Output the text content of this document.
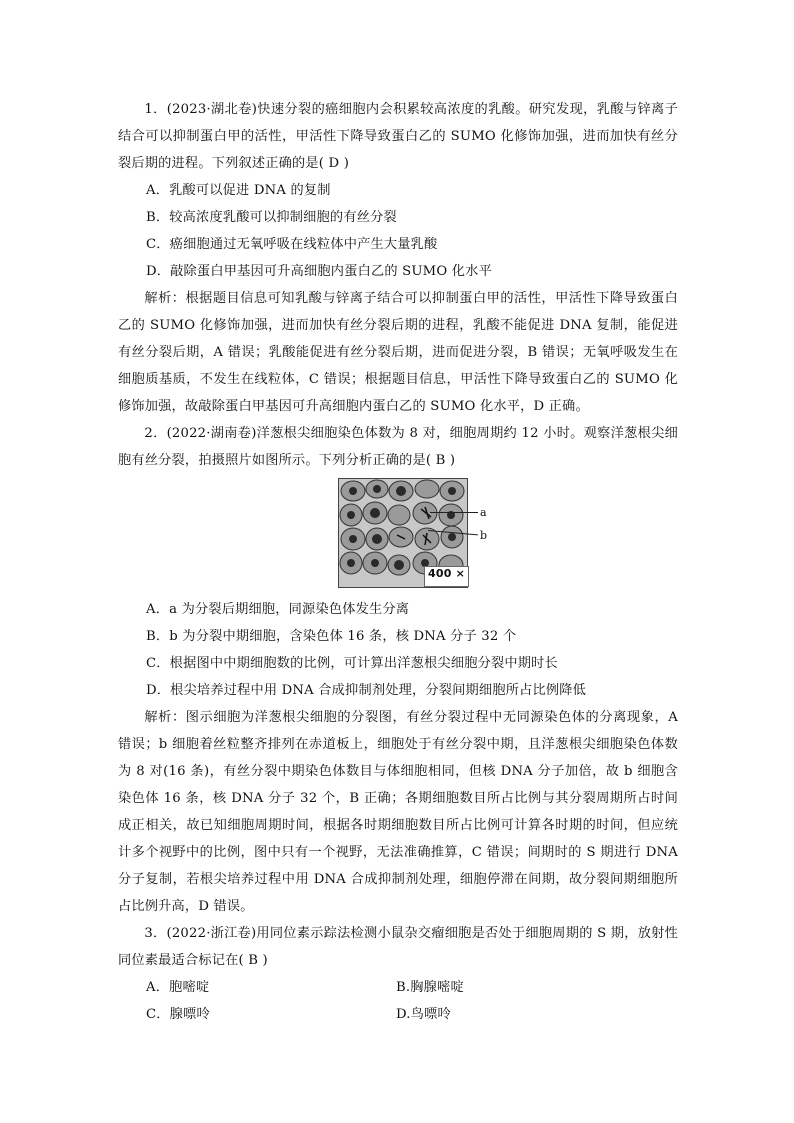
1．(2023·湖北卷)快速分裂的癌细胞内会积累较高浓度的乳酸。研究发现，乳酸与锌离子结合可以抑制蛋白甲的活性，甲活性下降导致蛋白乙的 SUMO 化修饰加强，进而加快有丝分裂后期的进程。下列叙述正确的是( D )

A．乳酸可以促进 DNA 的复制

B．较高浓度乳酸可以抑制细胞的有丝分裂

C．癌细胞通过无氧呼吸在线粒体中产生大量乳酸

D．敲除蛋白甲基因可升高细胞内蛋白乙的 SUMO 化水平

解析：根据题目信息可知乳酸与锌离子结合可以抑制蛋白甲的活性，甲活性下降导致蛋白乙的 SUMO 化修饰加强，进而加快有丝分裂后期的进程，乳酸不能促进 DNA 复制，能促进有丝分裂后期，A 错误；乳酸能促进有丝分裂后期，进而促进分裂，B 错误；无氧呼吸发生在细胞质基质，不发生在线粒体，C 错误；根据题目信息，甲活性下降导致蛋白乙的 SUMO 化修饰加强，故敲除蛋白甲基因可升高细胞内蛋白乙的 SUMO 化水平，D 正确。

2．(2022·湖南卷)洋葱根尖细胞染色体数为 8 对，细胞周期约 12 小时。观察洋葱根尖细胞有丝分裂，拍摄照片如图所示。下列分析正确的是( B )

a
b
400 ×

A．a 为分裂后期细胞，同源染色体发生分离

B．b 为分裂中期细胞，含染色体 16 条，核 DNA 分子 32 个

C．根据图中中期细胞数的比例，可计算出洋葱根尖细胞分裂中期时长

D．根尖培养过程中用 DNA 合成抑制剂处理，分裂间期细胞所占比例降低

解析：图示细胞为洋葱根尖细胞的分裂图，有丝分裂过程中无同源染色体的分离现象，A 错误；b 细胞着丝粒整齐排列在赤道板上，细胞处于有丝分裂中期，且洋葱根尖细胞染色体数为 8 对(16 条)，有丝分裂中期染色体数目与体细胞相同，但核 DNA 分子加倍，故 b 细胞含染色体 16 条，核 DNA 分子 32 个，B 正确；各期细胞数目所占比例与其分裂周期所占时间成正相关，故已知细胞周期时间，根据各时期细胞数目所占比例可计算各时期的时间，但应统计多个视野中的比例，图中只有一个视野，无法准确推算，C 错误；间期时的 S 期进行 DNA 分子复制，若根尖培养过程中用 DNA 合成抑制剂处理，细胞停滞在间期，故分裂间期细胞所占比例升高，D 错误。

3．(2022·浙江卷)用同位素示踪法检测小鼠杂交瘤细胞是否处于细胞周期的 S 期，放射性同位素最适合标记在( B )

A．胞嘧啶	B.胸腺嘧啶
C．腺嘌呤	D.鸟嘌呤
